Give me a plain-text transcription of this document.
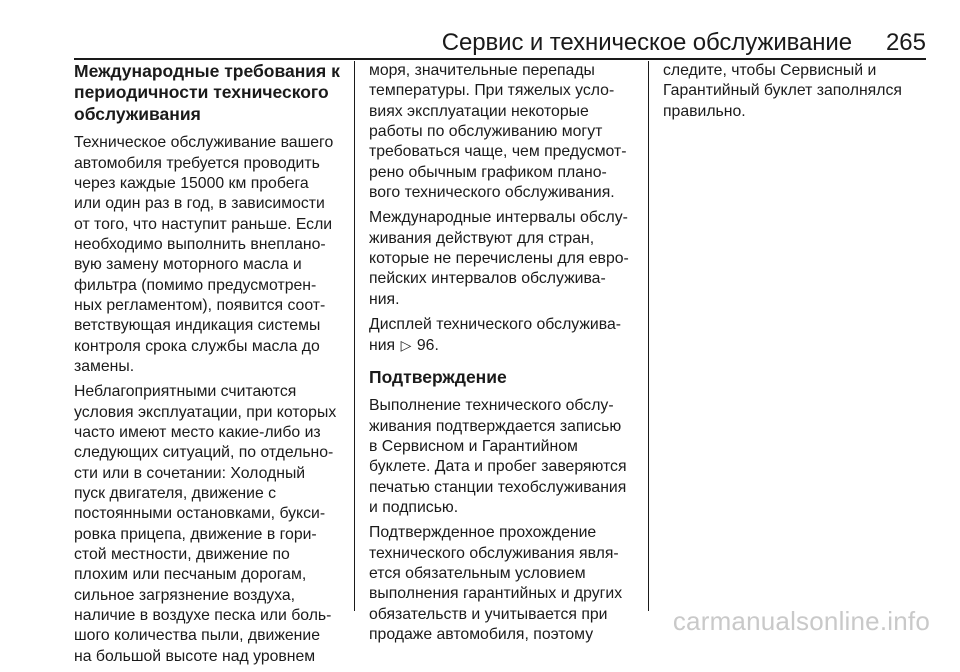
Сервис и техническое обслуживание 265
Международные требования к
периодичности технического
обслуживания

Техническое обслуживание вашего
автомобиля требуется проводить
через каждые 15000 км пробега
или один раз в год, в зависимости
от того, что наступит раньше. Если
необходимо выполнить внеплано-
вую замену моторного масла и
фильтра (помимо предусмотрен-
ных регламентом), появится соот-
ветствующая индикация системы
контроля срока службы масла до
замены.

Неблагоприятными считаются
условия эксплуатации, при которых
часто имеют место какие-либо из
следующих ситуаций, по отдельно-
сти или в сочетании: Холодный
пуск двигателя, движение с
постоянными остановками, букси-
ровка прицепа, движение в гори-
стой местности, движение по
плохим или песчаным дорогам,
сильное загрязнение воздуха,
наличие в воздухе песка или боль-
шого количества пыли, движение
на большой высоте над уровнем

моря, значительные перепады
температуры. При тяжелых усло-
виях эксплуатации некоторые
работы по обслуживанию могут
требоваться чаще, чем предусмот-
рено обычным графиком плано-
вого технического обслуживания.

Международные интервалы обслу-
живания действуют для стран,
которые не перечислены для евро-
пейских интервалов обслужива-
ния.

Дисплей технического обслужива-
ния ▷ 96.

Подтверждение

Выполнение технического обслу-
живания подтверждается записью
в Сервисном и Гарантийном
буклете. Дата и пробег заверяются
печатью станции техобслуживания
и подписью.

Подтвержденное прохождение
технического обслуживания явля-
ется обязательным условием
выполнения гарантийных и других
обязательств и учитывается при
продаже автомобиля, поэтому

следите, чтобы Сервисный и
Гарантийный буклет заполнялся
правильно.

carmanualsonline.info
